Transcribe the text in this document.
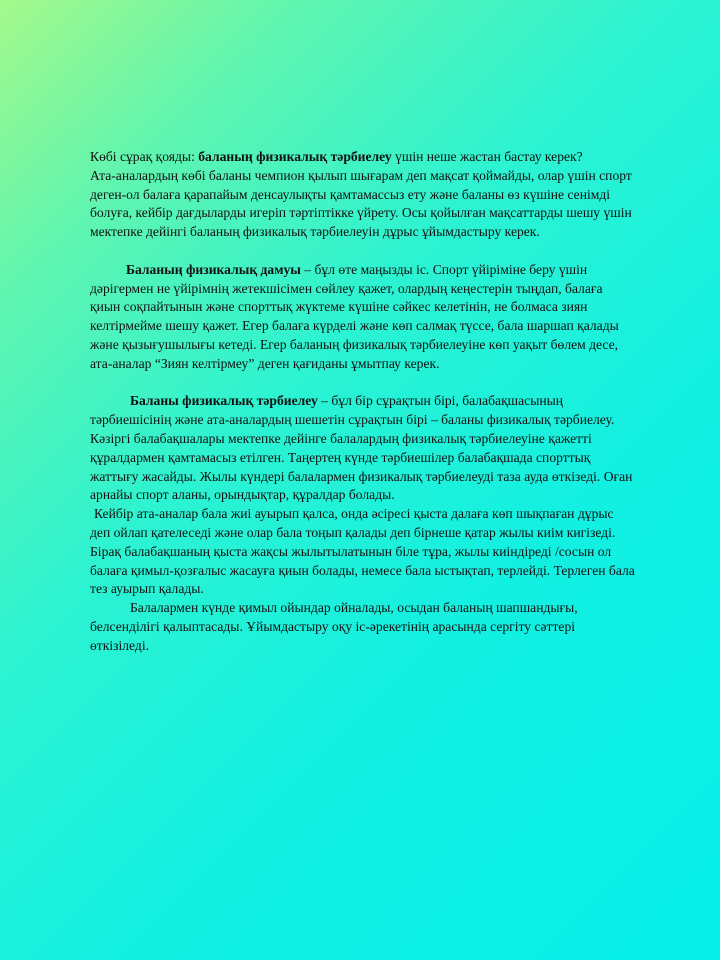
Көбі сұрақ қояды: баланың физикалық тәрбиелеу үшін неше жастан бастау керек?

Ата-аналардың көбі баланы чемпион қылып шығарам деп мақсат қоймайды, олар үшін спорт деген-ол балаға қарапайым денсаулықты қамтамассыз ету және баланы өз күшіне сенімді болуға, кейбір дағдыларды игеріп тәртіптікке үйрету. Осы қойылған мақсаттарды шешу үшін мектепке дейінгі баланың физикалық тәрбиелеуін дұрыс ұйымдастыру керек.

Баланың физикалық дамуы – бұл өте маңызды іс. Спорт үйіріміне беру үшін дәрігермен не үйірімнің жетекшісімен сөйлеу қажет, олардың кеңестерін тыңдап, балаға қиын соқпайтынын және спорттық жүктеме күшіне сәйкес келетінін, не болмаса зиян келтірмейме шешу қажет. Егер балаға күрделі және көп салмақ түссе, бала шаршап қалады және қызығушылығы кетеді. Егер баланың физикалық тәрбиелеуіне көп уақыт бөлем десе, ата-аналар “Зиян келтірмеу” деген қағиданы ұмытпау керек.

Баланы физикалық тәрбиелеу – бұл бір сұрақтын бірі, балабақшасының тәрбиешісінің және ата-аналардың шешетін сұрақтын бірі – баланы физикалық тәрбиелеу.

Кәзіргі балабақшалары мектепке дейінге балалардың физикалық тәрбиелеуіне қажетті құралдармен қамтамасыз етілген. Таңертең күнде тәрбиешілер балабақшада спорттық жаттығу жасайды. Жылы күндері балалармен физикалық тәрбиелеуді таза ауда өткізеді. Оған арнайы спорт аланы, орындықтар, құралдар болады.

Кейбір ата-аналар бала жиі ауырып қалса, онда әсіресі қыста далаға көп шықпаған дұрыс деп ойлап қателеседі және олар бала тоңып қалады деп бірнеше қатар жылы киім кигізеді. Бірақ балабақшаның қыста жақсы жылытылатынын біле тұра, жылы киіндіреді /сосын ол балаға қимыл-қозғалыс жасауға қиын болады, немесе бала ыстықтап, терлейді. Терлеген бала тез ауырып қалады.

Балалармен күнде қимыл ойындар ойналады, осыдан баланың шапшандығы, белсенділігі қалыптасады. Ұйымдастыру оқу іс-әрекетінің арасында сергіту сәттері өткізіледі.
